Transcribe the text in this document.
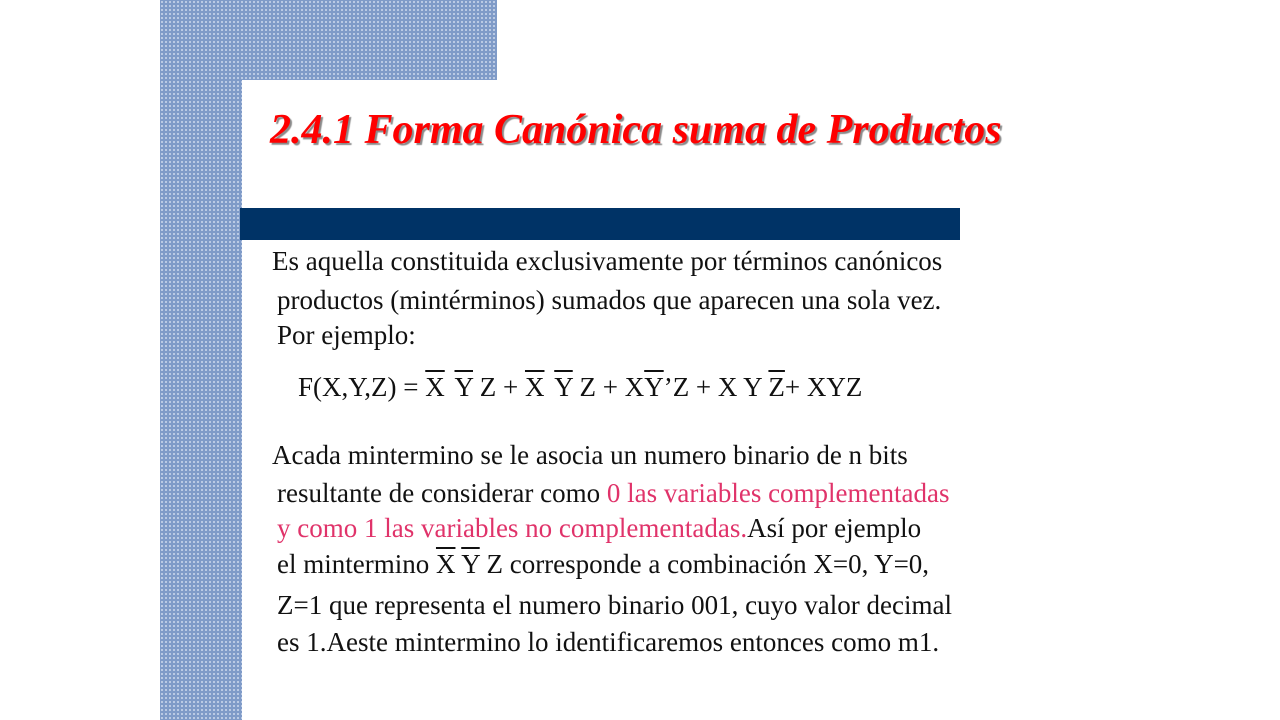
2.4.1 Forma Canónica suma de Productos

Es aquella constituida exclusivamente por términos canónicos

productos (mintérminos) sumados que aparecen una sola vez.

Por ejemplo:

$F(X,Y,Z) = \overline{X}$ $\overline{Y}$ $Z + \overline{X}$ $\overline{Y}$ $Z + X\overline{Y}’Z + X$ Y $\overline{Z}+$ XYZ

Acada mintermino se le asocia un numero binario de n bits

resultante de considerar como 0 las variables complementadas

y como 1 las variables no complementadas.Así por ejemplo

el mintermino $\overline{X}$ $\overline{Y}$ Z corresponde a combinación X=0, Y=0,

Z=1 que representa el numero binario 001, cuyo valor decimal

es 1.Aeste mintermino lo identificaremos entonces como m1.
